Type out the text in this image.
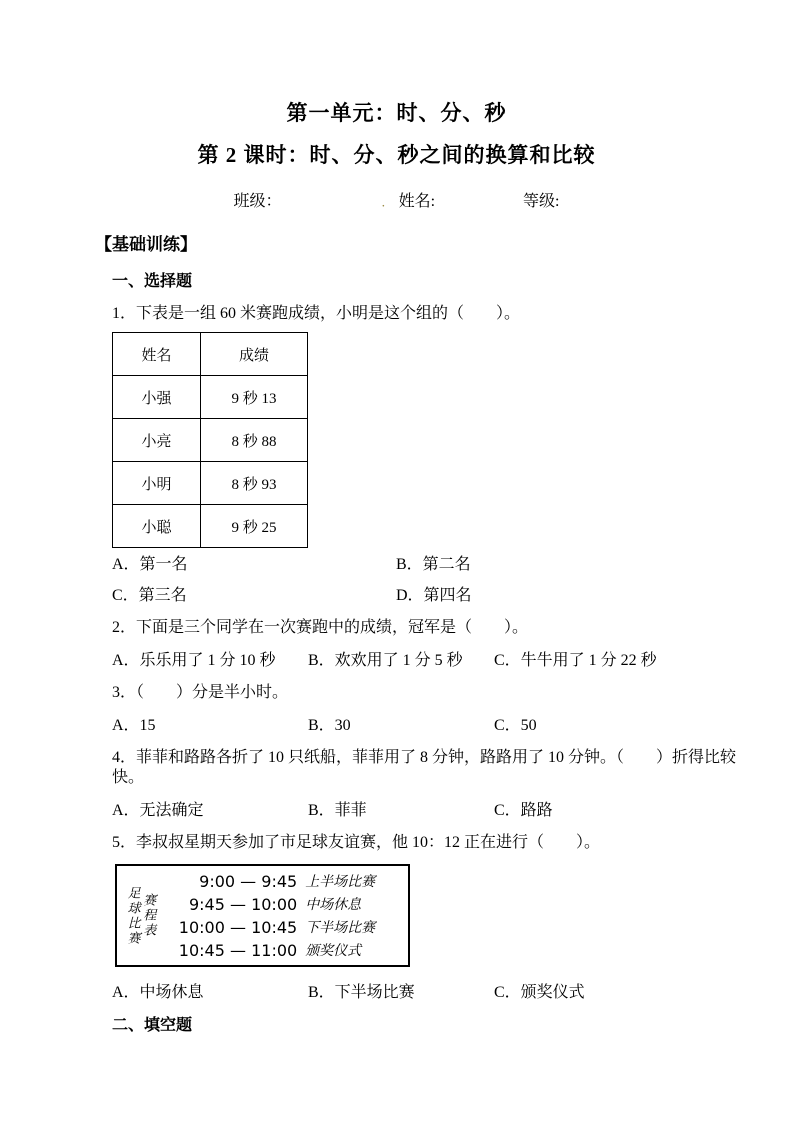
第一单元：时、分、秒
第 2 课时：时、分、秒之间的换算和比较
班级：	． 姓名:	等级:
【基础训练】
一、选择题

1．下表是一组 60 米赛跑成绩，小明是这个组的（　　）。

姓名	成绩
小强	9 秒 13
小亮	8 秒 88
小明	8 秒 93
小聪	9 秒 25
A．第一名	B．第二名
C．第三名	D．第四名

2．下面是三个同学在一次赛跑中的成绩，冠军是（　　）。

A．乐乐用了 1 分 10 秒	B．欢欢用了 1 分 5 秒	C．牛牛用了 1 分 22 秒

3．（　　）分是半小时。

A．15	B．30	C．50

4．菲菲和路路各折了 10 只纸船，菲菲用了 8 分钟，路路用了 10 分钟。（　　）折得比较快。

A．无法确定	B．菲菲	C．路路

5．李叔叔星期天参加了市足球友谊赛，他 10：12 正在进行（　　）。

足球比赛 赛程表
9:00 — 9:45 上半场比赛
9:45 — 10:00 中场休息
10:00 — 10:45 下半场比赛
10:45 — 11:00 颁奖仪式
A．中场休息	B．下半场比赛	C．颁奖仪式
二、填空题
